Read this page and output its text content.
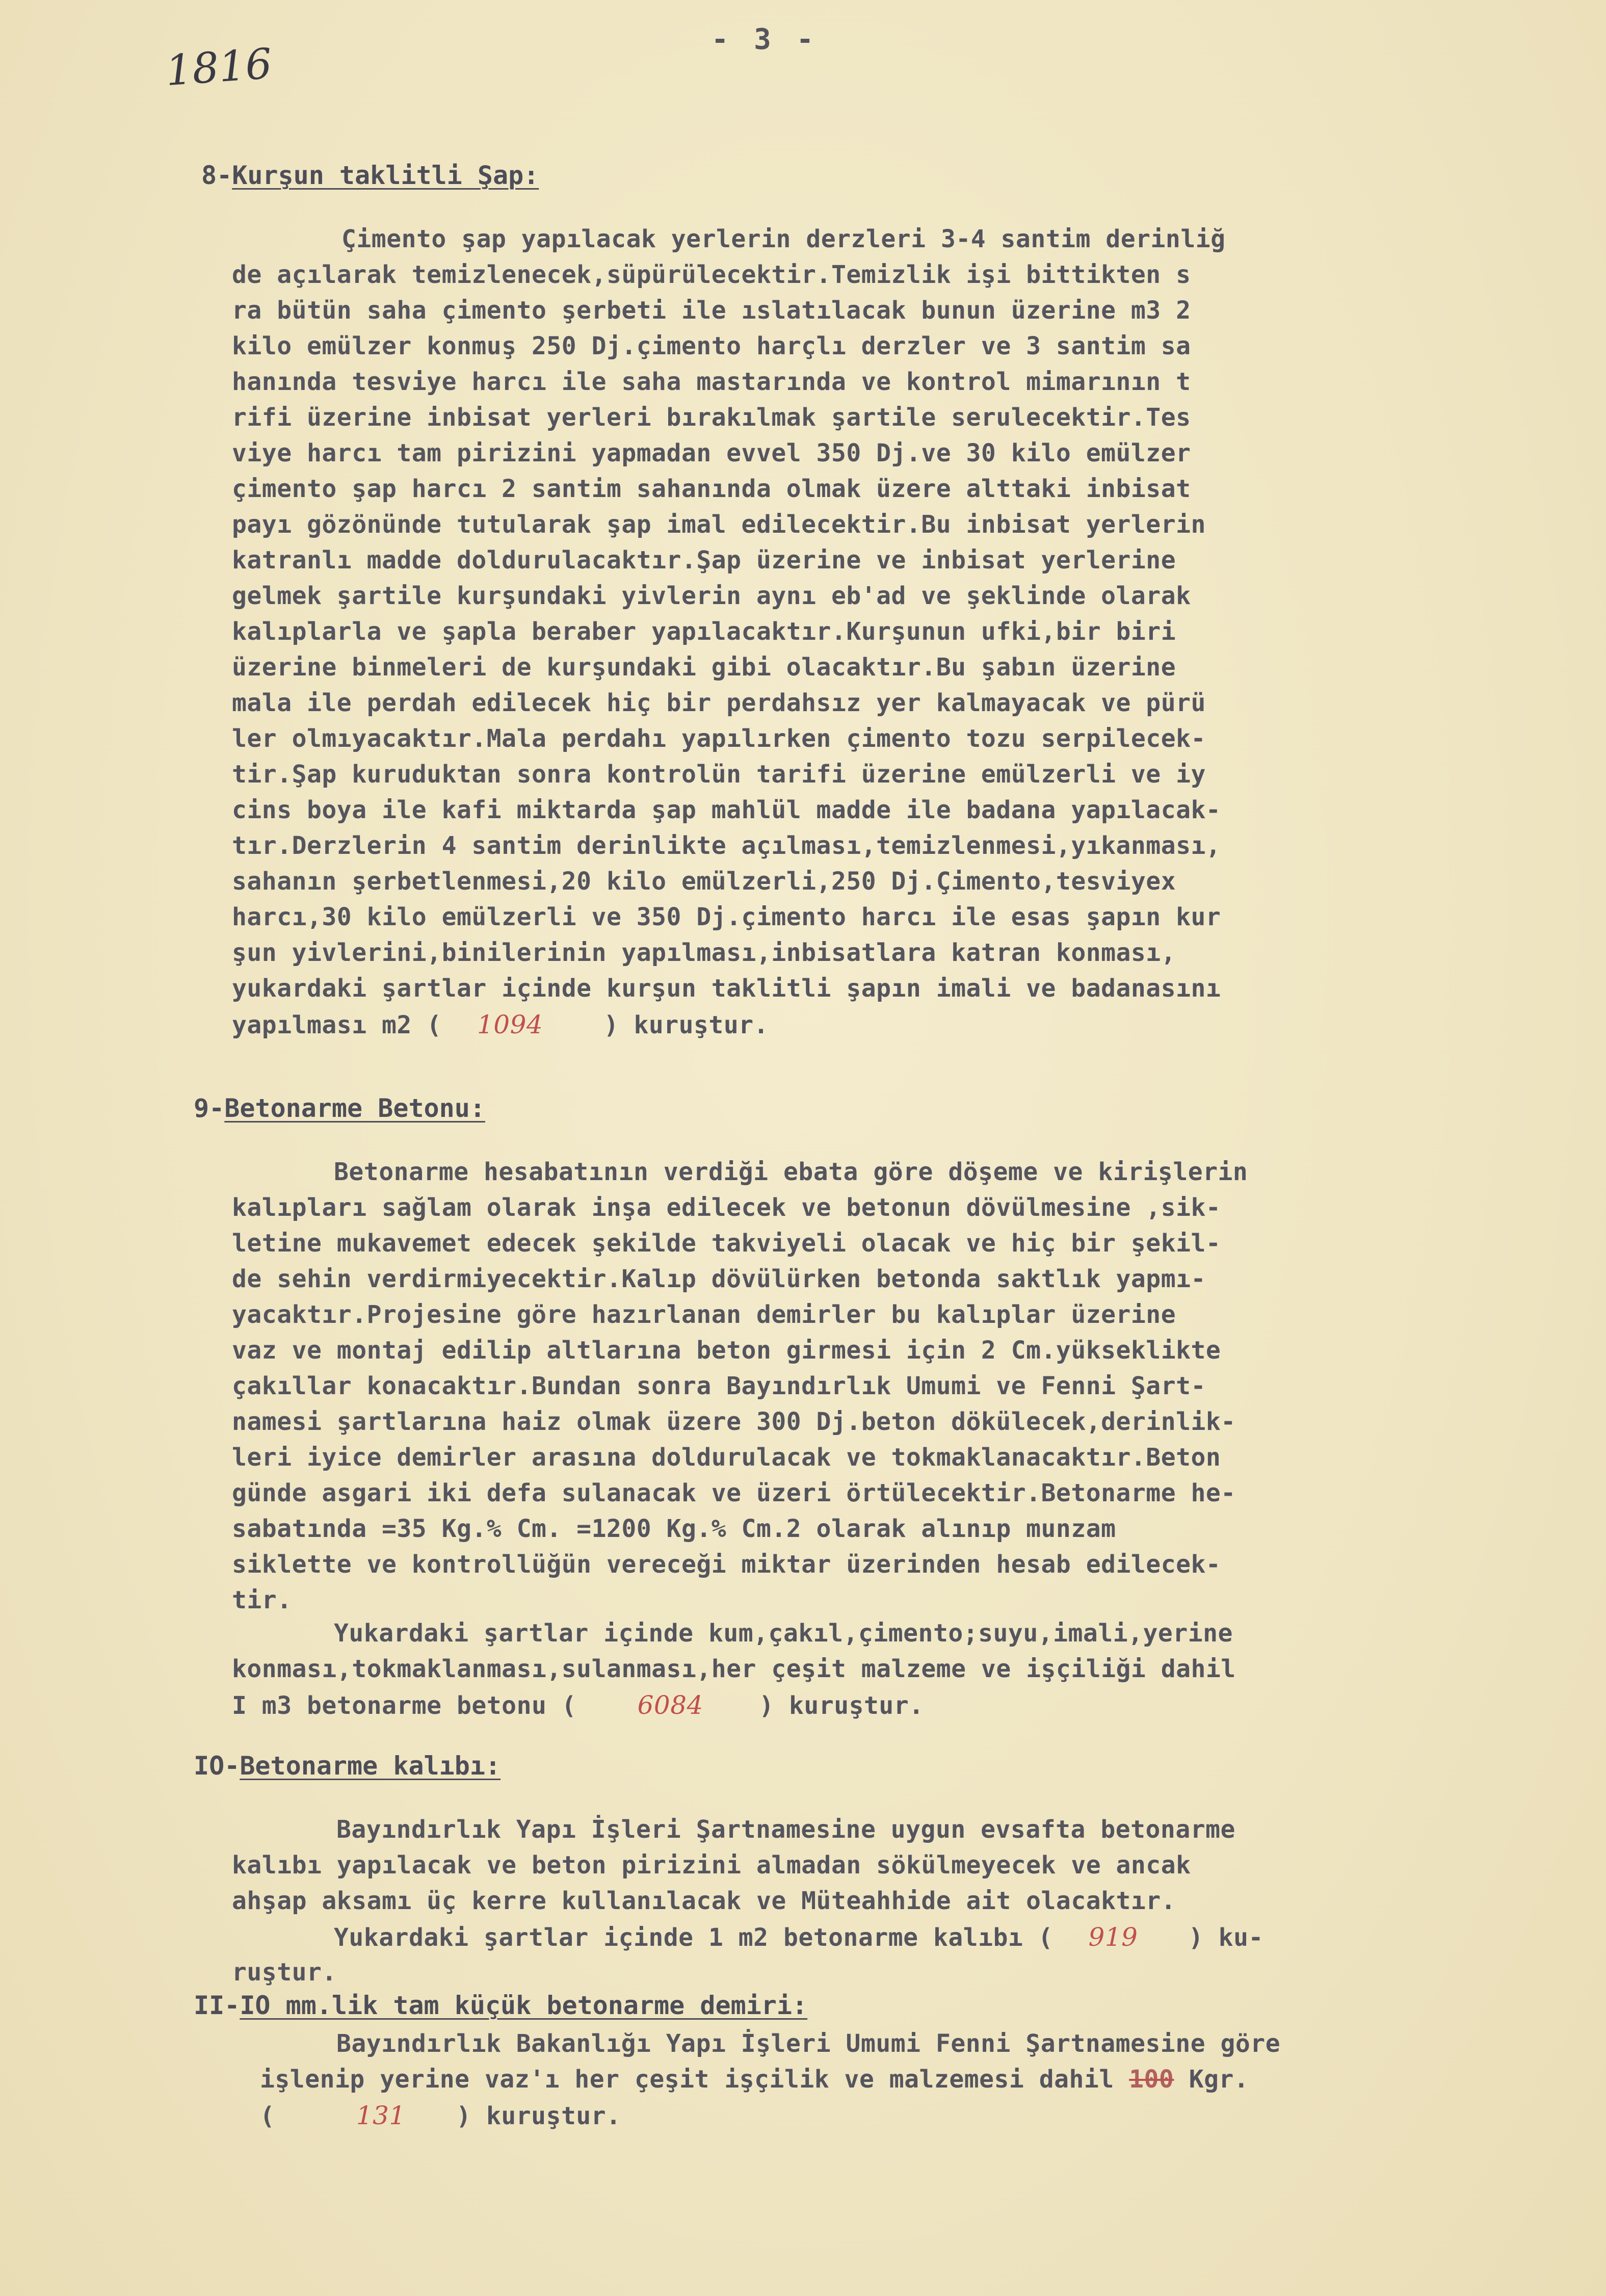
- 3 -
1816
8-Kurşun taklitli Şap:
Çimento şap yapılacak yerlerin derzleri 3-4 santim derinliğ
de açılarak temizlenecek,süpürülecektir.Temizlik işi bittikten s
ra bütün saha çimento şerbeti ile ıslatılacak bunun üzerine m3 2
kilo emülzer konmuş 250 Dj.çimento harçlı derzler ve 3 santim sa
hanında tesviye harcı ile saha mastarında ve kontrol mimarının t
rifi üzerine inbisat yerleri bırakılmak şartile serulecektir.Tes
viye harcı tam pirizini yapmadan evvel 350 Dj.ve 30 kilo emülzer
çimento şap harcı 2 santim sahanında olmak üzere alttaki inbisat
payı gözönünde tutularak şap imal edilecektir.Bu inbisat yerlerin
katranlı madde doldurulacaktır.Şap üzerine ve inbisat yerlerine
gelmek şartile kurşundaki yivlerin aynı eb'ad ve şeklinde olarak
kalıplarla ve şapla beraber yapılacaktır.Kurşunun ufki,bir biri
üzerine binmeleri de kurşundaki gibi olacaktır.Bu şabın üzerine
mala ile perdah edilecek hiç bir perdahsız yer kalmayacak ve pürü
ler olmıyacaktır.Mala perdahı yapılırken çimento tozu serpilecek-
tir.Şap kuruduktan sonra kontrolün tarifi üzerine emülzerli ve iy
cins boya ile kafi miktarda şap mahlül madde ile badana yapılacak-
tır.Derzlerin 4 santim derinlikte açılması,temizlenmesi,yıkanması,
sahanın şerbetlenmesi,20 kilo emülzerli,250 Dj.Çimento,tesviyex
harcı,30 kilo emülzerli ve 350 Dj.çimento harcı ile esas şapın kur
şun yivlerini,binilerinin yapılması,inbisatlara katran konması,
yukardaki şartlar içinde kurşun taklitli şapın imali ve badanasını
yapılması m2 ( 1094 ) kuruştur.
9-Betonarme Betonu:
Betonarme hesabatının verdiği ebata göre döşeme ve kirişlerin
kalıpları sağlam olarak inşa edilecek ve betonun dövülmesine ,sik-
letine mukavemet edecek şekilde takviyeli olacak ve hiç bir şekil-
de sehin verdirmiyecektir.Kalıp dövülürken betonda saktlık yapmı-
yacaktır.Projesine göre hazırlanan demirler bu kalıplar üzerine
vaz ve montaj edilip altlarına beton girmesi için 2 Cm.yükseklikte
çakıllar konacaktır.Bundan sonra Bayındırlık Umumi ve Fenni Şart-
namesi şartlarına haiz olmak üzere 300 Dj.beton dökülecek,derinlik-
leri iyice demirler arasına doldurulacak ve tokmaklanacaktır.Beton
günde asgari iki defa sulanacak ve üzeri örtülecektir.Betonarme he-
sabatında =35 Kg.% Cm. =1200 Kg.% Cm.2 olarak alınıp munzam
siklette ve kontrollüğün vereceği miktar üzerinden hesab edilecek-
tir.
Yukardaki şartlar içinde kum,çakıl,çimento;suyu,imali,yerine
konması,tokmaklanması,sulanması,her çeşit malzeme ve işçiliği dahil
I m3 betonarme betonu ( 6084 ) kuruştur.
IO-Betonarme kalıbı:
Bayındırlık Yapı İşleri Şartnamesine uygun evsafta betonarme
kalıbı yapılacak ve beton pirizini almadan sökülmeyecek ve ancak
ahşap aksamı üç kerre kullanılacak ve Müteahhide ait olacaktır.
Yukardaki şartlar içinde 1 m2 betonarme kalıbı ( 919 ) ku-
ruştur.
II-IO mm.lik tam küçük betonarme demiri:
Bayındırlık Bakanlığı Yapı İşleri Umumi Fenni Şartnamesine göre
işlenip yerine vaz'ı her çeşit işçilik ve malzemesi dahil 100 Kgr.
(	131 ) kuruştur.
